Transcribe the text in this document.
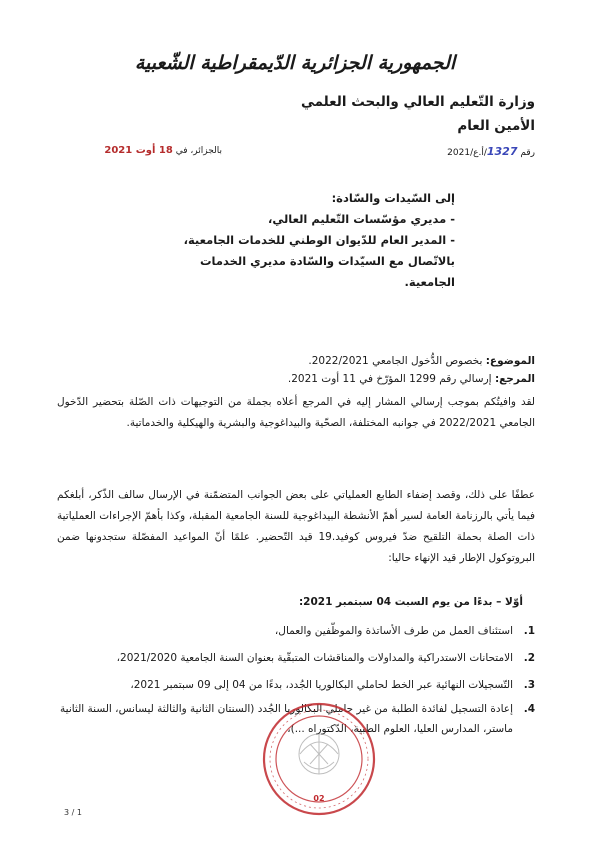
الجمهورية الجزائرية الدّيمقراطية الشّعبية
وزارة التّعليم العالي والبحث العلمي
الأمين العام
رقم 1327/أ.ع/2021
بالجزائر، في 18 أوت 2021
إلى السّيدات والسّادة:
- مديري مؤسّسات التّعليم العالي،
- المدير العام للدّيوان الوطني للخدمات الجامعية،
بالاتّصال مع السيّدات والسّادة مديري الخدمات
الجامعية.
الموضوع: بخصوص الدُّخول الجامعي 2022/2021.
المرجع: إرسالي رقم 1299 المؤرّخ في 11 أوت 2021.
لقد وافيتُكم بموجب إرسالي المشار إليه في المرجع أعلاه بجملة من التوجيهات ذات الصّلة بتحضير الدّخول الجامعي 2022/2021 في جوانبه المختلفة، الصحّية والبيداغوجية والبشرية والهيكلية والخدماتية.
عطفًا على ذلك، وقصد إضفاء الطابع العملياتي على بعض الجوانب المتضمّنة في الإرسال سالف الذّكر، أبلغكم فيما يأتي بالرزنامة العامة لسير أهمّ الأنشطة البيداغوجية للسنة الجامعية المقبلة، وكذا بأهمّ الإجراءات العملياتية ذات الصلة بحملة التلقيح ضدّ فيروس كوفيد.19 قيد التّحضير. علمًا أنّ المواعيد المفصّلة ستجدونها ضمن البروتوكول الإطار قيد الإنهاء حاليا:
أوّلا – بدءًا من يوم السبت 04 سبتمبر 2021:
1.
استئناف العمل من طرف الأساتذة والموظّفين والعمال،
2.
الامتحانات الاستدراكية والمداولات والمناقشات المتبقّية بعنوان السنة الجامعية 2021/2020،
3.
التّسجيلات النهائية عبر الخط لحاملي البكالوريا الجُدد، بدءًا من 04 إلى 09 سبتمبر 2021،
4.
إعادة التسجيل لفائدة الطلبة من غير حاملي البكالوريا الجُدد (السنتان الثانية والثالثة ليسانس، السنة الثانية ماستر، المدارس العليا، العلوم الطبية، الدّكتوراه ...)،
02
3 / 1
